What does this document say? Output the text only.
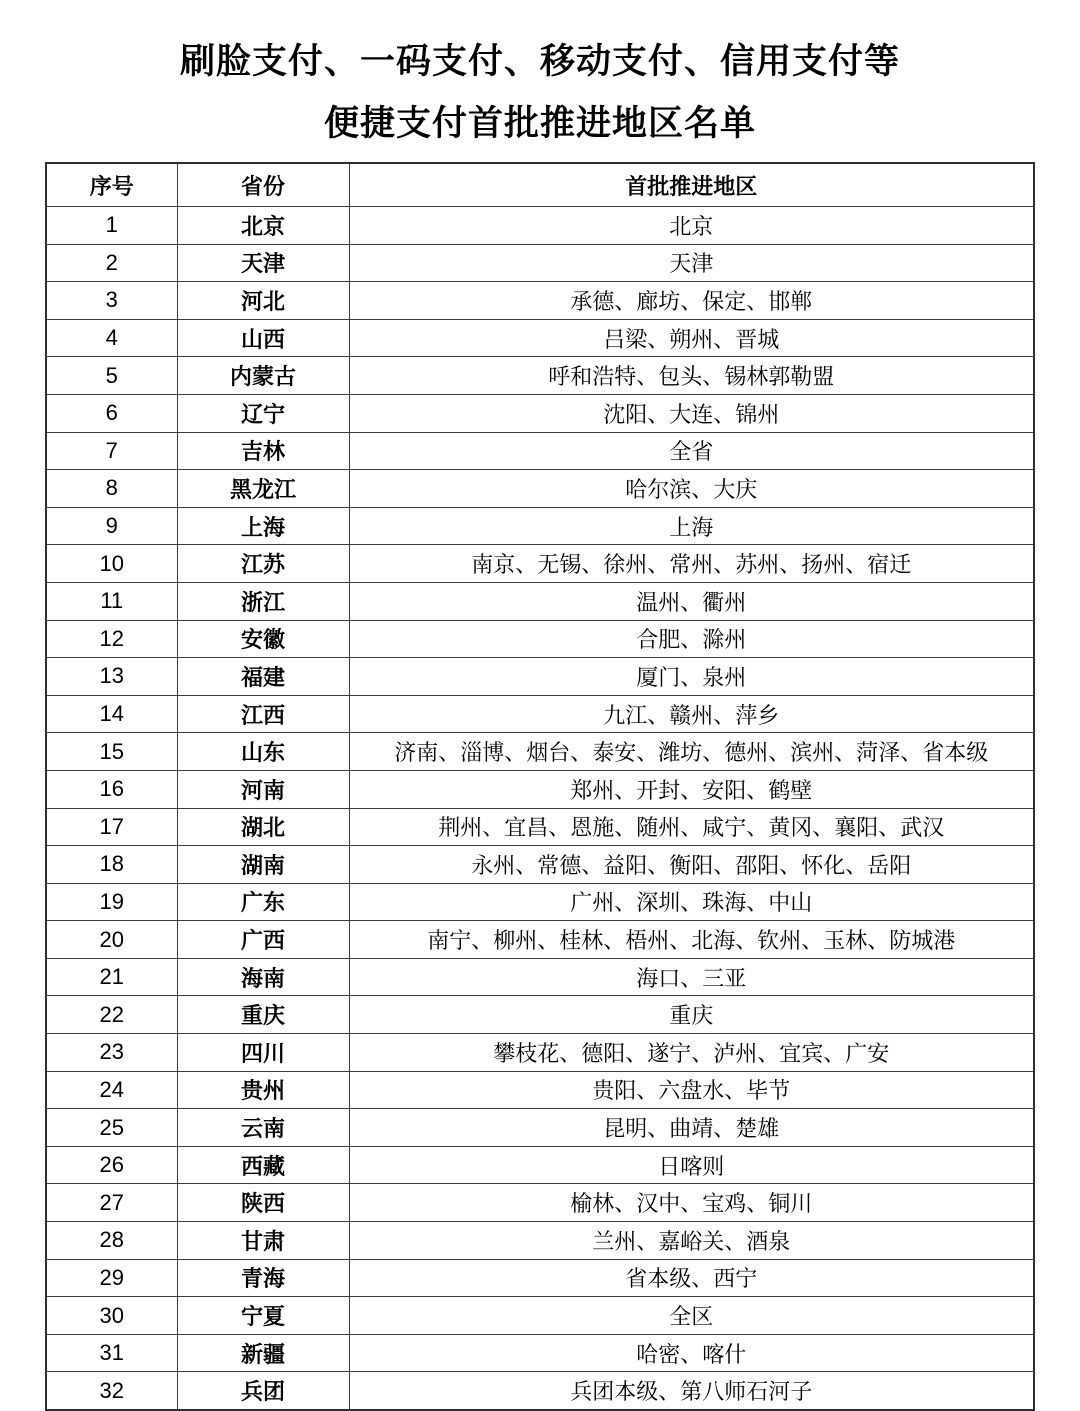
刷脸支付、一码支付、移动支付、信用支付等
便捷支付首批推进地区名单
序号	省份	首批推进地区
1	北京	北京
2	天津	天津
3	河北	承德、廊坊、保定、邯郸
4	山西	吕梁、朔州、晋城
5	内蒙古	呼和浩特、包头、锡林郭勒盟
6	辽宁	沈阳、大连、锦州
7	吉林	全省
8	黑龙江	哈尔滨、大庆
9	上海	上海
10	江苏	南京、无锡、徐州、常州、苏州、扬州、宿迁
11	浙江	温州、衢州
12	安徽	合肥、滁州
13	福建	厦门、泉州
14	江西	九江、赣州、萍乡
15	山东	济南、淄博、烟台、泰安、潍坊、德州、滨州、菏泽、省本级
16	河南	郑州、开封、安阳、鹤壁
17	湖北	荆州、宜昌、恩施、随州、咸宁、黄冈、襄阳、武汉
18	湖南	永州、常德、益阳、衡阳、邵阳、怀化、岳阳
19	广东	广州、深圳、珠海、中山
20	广西	南宁、柳州、桂林、梧州、北海、钦州、玉林、防城港
21	海南	海口、三亚
22	重庆	重庆
23	四川	攀枝花、德阳、遂宁、泸州、宜宾、广安
24	贵州	贵阳、六盘水、毕节
25	云南	昆明、曲靖、楚雄
26	西藏	日喀则
27	陕西	榆林、汉中、宝鸡、铜川
28	甘肃	兰州、嘉峪关、酒泉
29	青海	省本级、西宁
30	宁夏	全区
31	新疆	哈密、喀什
32	兵团	兵团本级、第八师石河子
